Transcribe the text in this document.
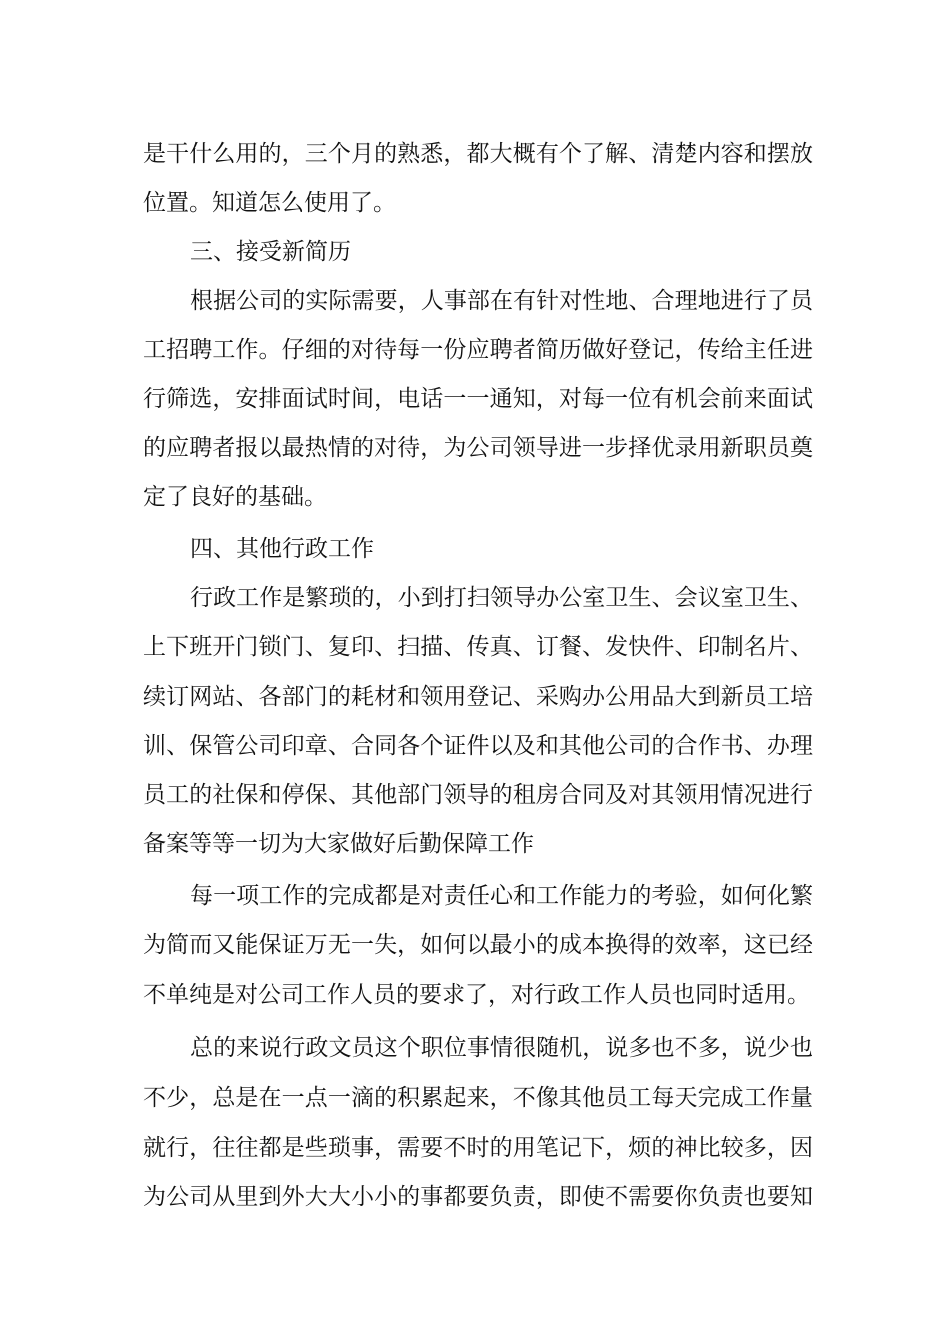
是干什么用的，三个月的熟悉，都大概有个了解、清楚内容和摆放
位置。知道怎么使用了。
三、接受新简历
根据公司的实际需要，人事部在有针对性地、合理地进行了员
工招聘工作。仔细的对待每一份应聘者简历做好登记，传给主任进
行筛选，安排面试时间，电话一一通知，对每一位有机会前来面试
的应聘者报以最热情的对待，为公司领导进一步择优录用新职员奠
定了良好的基础。
四、其他行政工作
行政工作是繁琐的，小到打扫领导办公室卫生、会议室卫生、
上下班开门锁门、复印、扫描、传真、订餐、发快件、印制名片、
续订网站、各部门的耗材和领用登记、采购办公用品大到新员工培
训、保管公司印章、合同各个证件以及和其他公司的合作书、办理
员工的社保和停保、其他部门领导的租房合同及对其领用情况进行
备案等等一切为大家做好后勤保障工作
每一项工作的完成都是对责任心和工作能力的考验，如何化繁
为简而又能保证万无一失，如何以最小的成本换得的效率，这已经
不单纯是对公司工作人员的要求了，对行政工作人员也同时适用。
总的来说行政文员这个职位事情很随机，说多也不多，说少也
不少，总是在一点一滴的积累起来，不像其他员工每天完成工作量
就行，往往都是些琐事，需要不时的用笔记下，烦的神比较多，因
为公司从里到外大大小小的事都要负责，即使不需要你负责也要知
